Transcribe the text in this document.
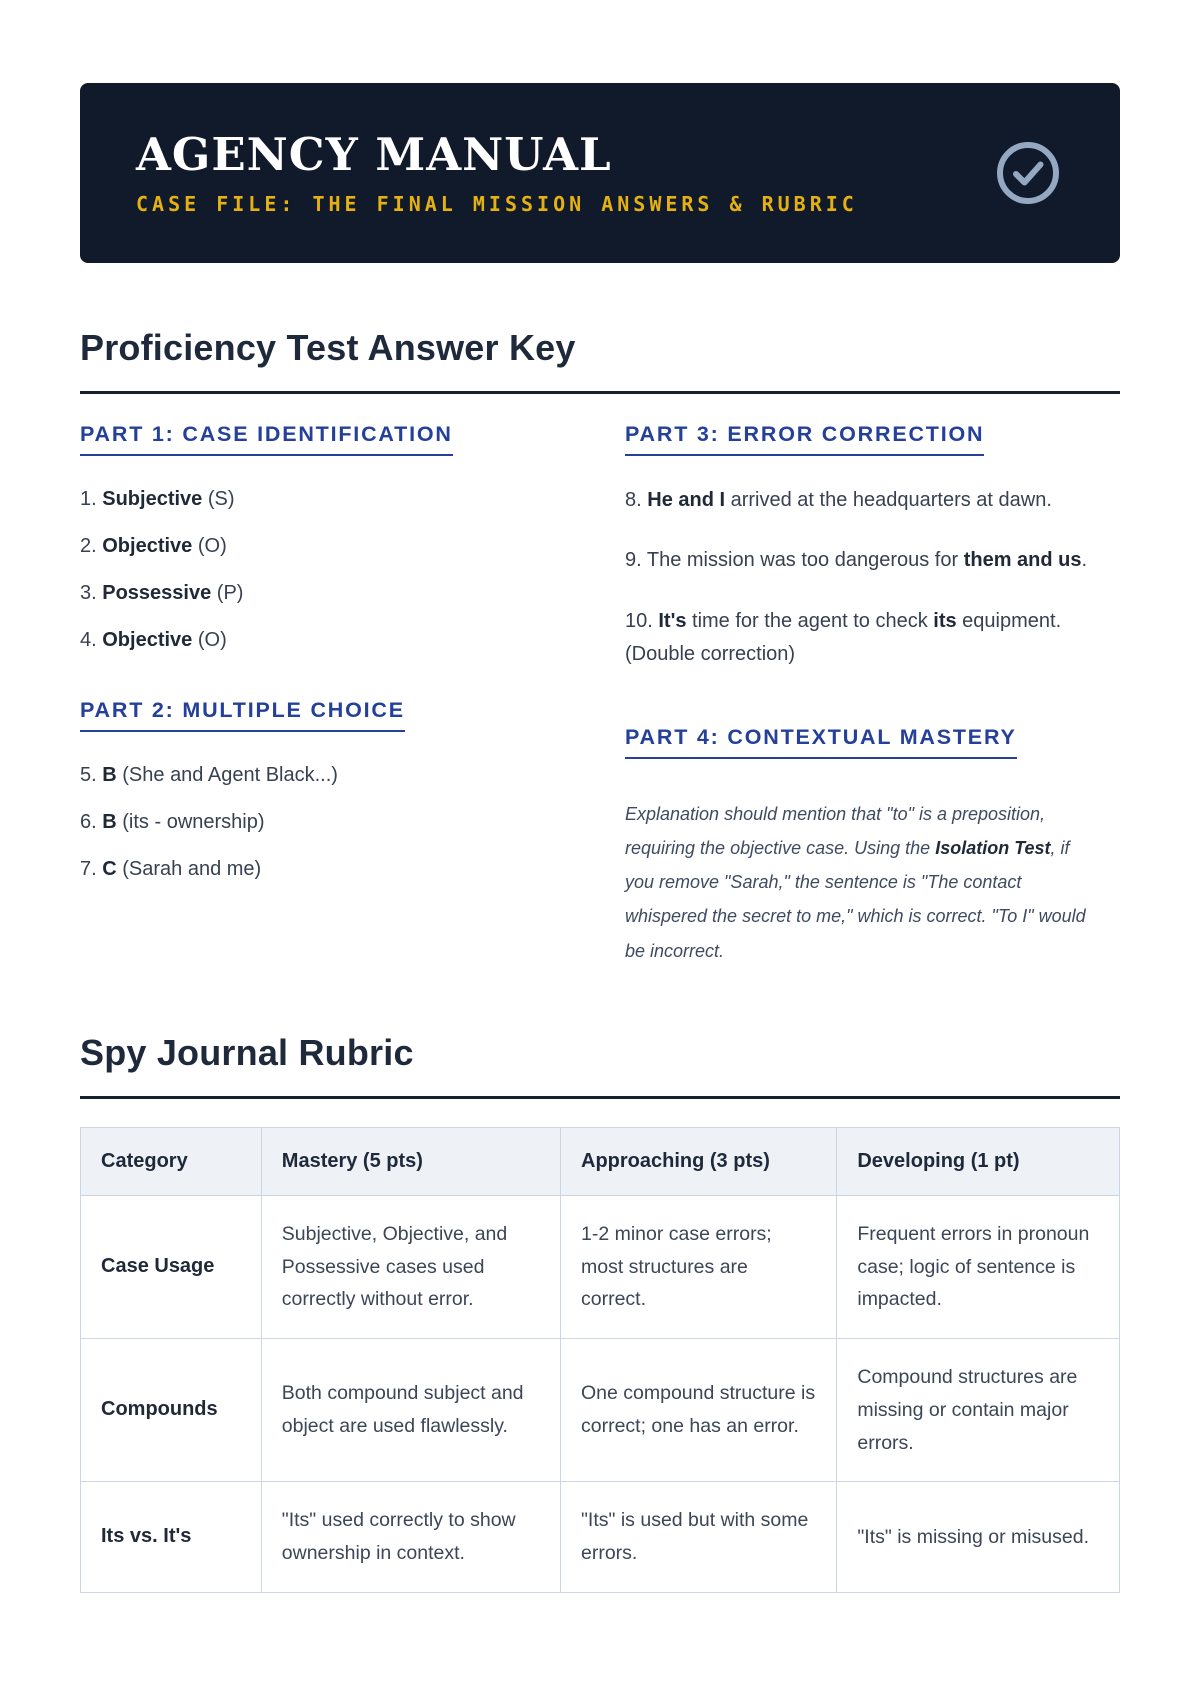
AGENCY MANUAL
CASE FILE: THE FINAL MISSION ANSWERS & RUBRIC
Proficiency Test Answer Key
PART 1: CASE IDENTIFICATION
1. Subjective (S)
2. Objective (O)
3. Possessive (P)
4. Objective (O)
PART 2: MULTIPLE CHOICE
5. B (She and Agent Black...)
6. B (its - ownership)
7. C (Sarah and me)
PART 3: ERROR CORRECTION

8. He and I arrived at the headquarters at dawn.

9. The mission was too dangerous for them and us.

10. It's time for the agent to check its equipment. (Double correction)

PART 4: CONTEXTUAL MASTERY

Explanation should mention that "to" is a preposition, requiring the objective case. Using the Isolation Test, if you remove "Sarah," the sentence is "The contact whispered the secret to me," which is correct. "To I" would be incorrect.

Spy Journal Rubric
Category	Mastery (5 pts)	Approaching (3 pts)	Developing (1 pt)
Case Usage	Subjective, Objective, and Possessive cases used correctly without error.	1-2 minor case errors; most structures are correct.	Frequent errors in pronoun case; logic of sentence is impacted.
Compounds	Both compound subject and object are used flawlessly.	One compound structure is correct; one has an error.	Compound structures are missing or contain major errors.
Its vs. It's	"Its" used correctly to show ownership in context.	"Its" is used but with some errors.	"Its" is missing or misused.
